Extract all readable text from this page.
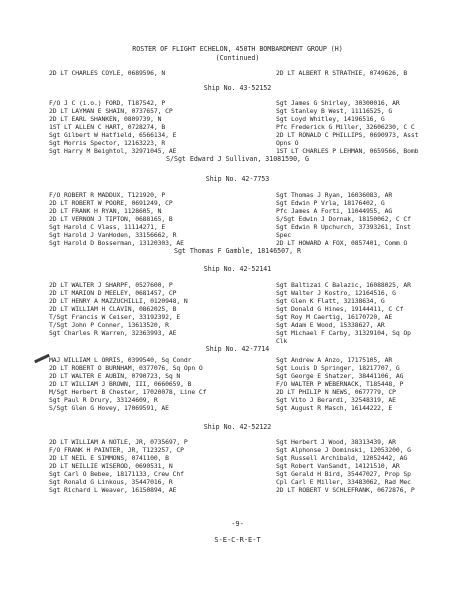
ROSTER OF FLIGHT ECHELON, 450TH BOMBARDMENT GROUP (H)
(Continued)
2D LT CHARLES COYLE, 0689596, N	2D LT ALBERT R STRATHIE, 0749626, B
Ship No. 43-52152
F/O J C (i.o.) FORD, T187542, P	Sgt James G Shirley, 30300016, AR
2D LT LAYMAN E SHAIN, 0737657, CP	Sgt Stanley B West, 11116525, G
2D LT EARL SHANKEN, 0809739, N	Sgt Loyd Whitley, 14196516, G
1ST LT ALLEN C HART, 0728274, B	Pfc Frederick G Miller, 32606230, C C
Sgt Gilbert W Hatfield, 6566134, E	2D LT RONALD C PHILLIPS, 0690973, Asst
Sgt Morris Spector, 12163223, R	Opns O
Sgt Harry M Beightol, 32971045, AE	1ST LT CHARLES P LEHMAN, 0659566, Bomb
S/Sgt Edward J Sullivan, 31081590, G
Ship No. 42-7753
F/O ROBERT R MADDUX, T121920, P	Sgt Thomas J Ryan, 16036083, AR
2D LT ROBERT W POORE, 0691249, CP	Sgt Edwin P Vrla, 18176402, G
2D LT FRANK H RYAN, 1128605, N	Pfc James A Forti, 11044955, AG
2D LT VERNON J TIPTON, 0688165, B	S/Sgt Edwin J Dornak, 18150062, C Cf
Sgt Harold C Vlass, 11114271, E	Sgt Edwin R Upchurch, 37393261, Inst
Sgt Harold J VanHoden, 33156662, R	Spec
Sgt Harold D Bosserman, 13120303, AE	2D LT HOWARD A FOX, 0857401, Comm O
Sgt Thomas F Gamble, 18146507, R
Ship No. 42-52141
2D LT WALTER J SHARPF, 0527600, P	Sgt Baltizai C Balazic, 16088025, AR
2D LT MARION D MEELEY, 0681457, CP	Sgt Walter J Kostro, 12164516, G
2D LT HENRY A MAZZUCHILLI, 0120948, N	Sgt Glen K Flatt, 32138634, G
2D LT WILLIAM H CLAVIN, 0862025, B	Sgt Donald G Hines, 19144411, C Cf
T/Sgt Francis W Ceiser, 33192392, E	Sgt Roy M Caertig, 16170720, AE
T/Sgt John P Conner, 13613520, R	Sgt Adam E Wood, 15338627, AR
Sgt Charles R Warren, 32363993, AE	Sgt Michael F Carby, 31329104, Sq Op
Clk
Ship No. 42-7714
MAJ WILLIAM L ORRIS, 0399540, Sq Condr	Sgt Andrew A Anzo, 17175105, AR
2D LT ROBERT O BURNHAM, 0377076, Sq Opn O	Sgt Louis D Springer, 18217707, G
2D LT WALTER E AUBIN, 0790723, Sq N	Sgt George E Shatzer, 38441106, AG
2D LT WILLIAM J BROWN, III, 0660659, B	F/O WALTER P WEBERNACK, T185448, P
M/Sgt Herbert B Chester, 17020078, Line Cf	2D LT PHILIP N NEWS, 0677779, CP
Sgt Paul R Drury, 33124609, R	Sgt Vito J Berardi, 32548319, AE
S/Sgt Glen G Hovey, 17069591, AE	Sgt August R Masch, 16144222, E
Ship No. 42-52122
2D LT WILLIAM A NOTLE, JR, 0735697, P	Sgt Herbert J Wood, 38313439, AR
F/O FRANK H PAINTER, JR, T123257, CP	Sgt Alphonse J Dominski, 12053200, G
2D LT NEIL E SIMMONS, 0741100, B	Sgt Russell Archibald, 12052442, AG
2D LT NEILLIE WISEROD, 0690531, N	Sgt Robert VanSandt, 14121510, AR
Sgt Carl O Bebee, 18171133, Crew Chf	Sgt Gerald H Bird, 35447027, Prop Sp
Sgt Ronald G Linkous, 35447016, R	Cpl Carl E Miller, 33483062, Rad Mec
Sgt Richard L Weaver, 16150894, AE	2D LT ROBERT V SCHLEFRANK, 0672876, P
-9-
S-E-C-R-E-T
